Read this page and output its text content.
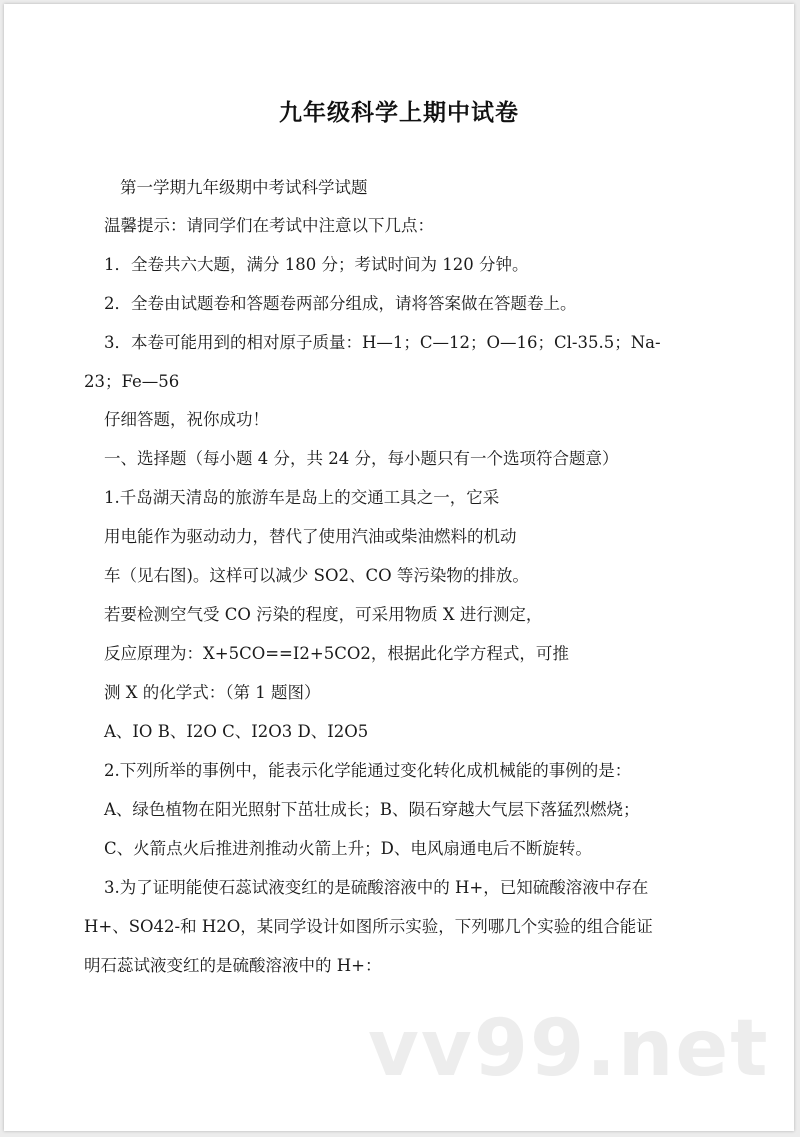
九年级科学上期中试卷
第一学期九年级期中考试科学试题
温馨提示：请同学们在考试中注意以下几点：
1．全卷共六大题，满分 180 分；考试时间为 120 分钟。
2．全卷由试题卷和答题卷两部分组成，请将答案做在答题卷上。
3．本卷可能用到的相对原子质量：H—1；C—12；O—16；Cl-35.5；Na-
23；Fe—56
仔细答题，祝你成功！
一、选择题（每小题 4 分，共 24 分，每小题只有一个选项符合题意）
1.千岛湖天清岛的旅游车是岛上的交通工具之一，它采
用电能作为驱动动力，替代了使用汽油或柴油燃料的机动
车（见右图)。这样可以减少 SO2、CO 等污染物的排放。
若要检测空气受 CO 污染的程度，可采用物质 X 进行测定，
反应原理为：X+5CO==I2+5CO2，根据此化学方程式，可推
测 X 的化学式：（第 1 题图）
A、IO B、I2O C、I2O3 D、I2O5
2.下列所举的事例中，能表示化学能通过变化转化成机械能的事例的是：
A、绿色植物在阳光照射下茁壮成长；B、陨石穿越大气层下落猛烈燃烧；
C、火箭点火后推进剂推动火箭上升；D、电风扇通电后不断旋转。
3.为了证明能使石蕊试液变红的是硫酸溶液中的 H+，已知硫酸溶液中存在
H+、SO42-和 H2O，某同学设计如图所示实验，下列哪几个实验的组合能证
明石蕊试液变红的是硫酸溶液中的 H+：
vv99.net
